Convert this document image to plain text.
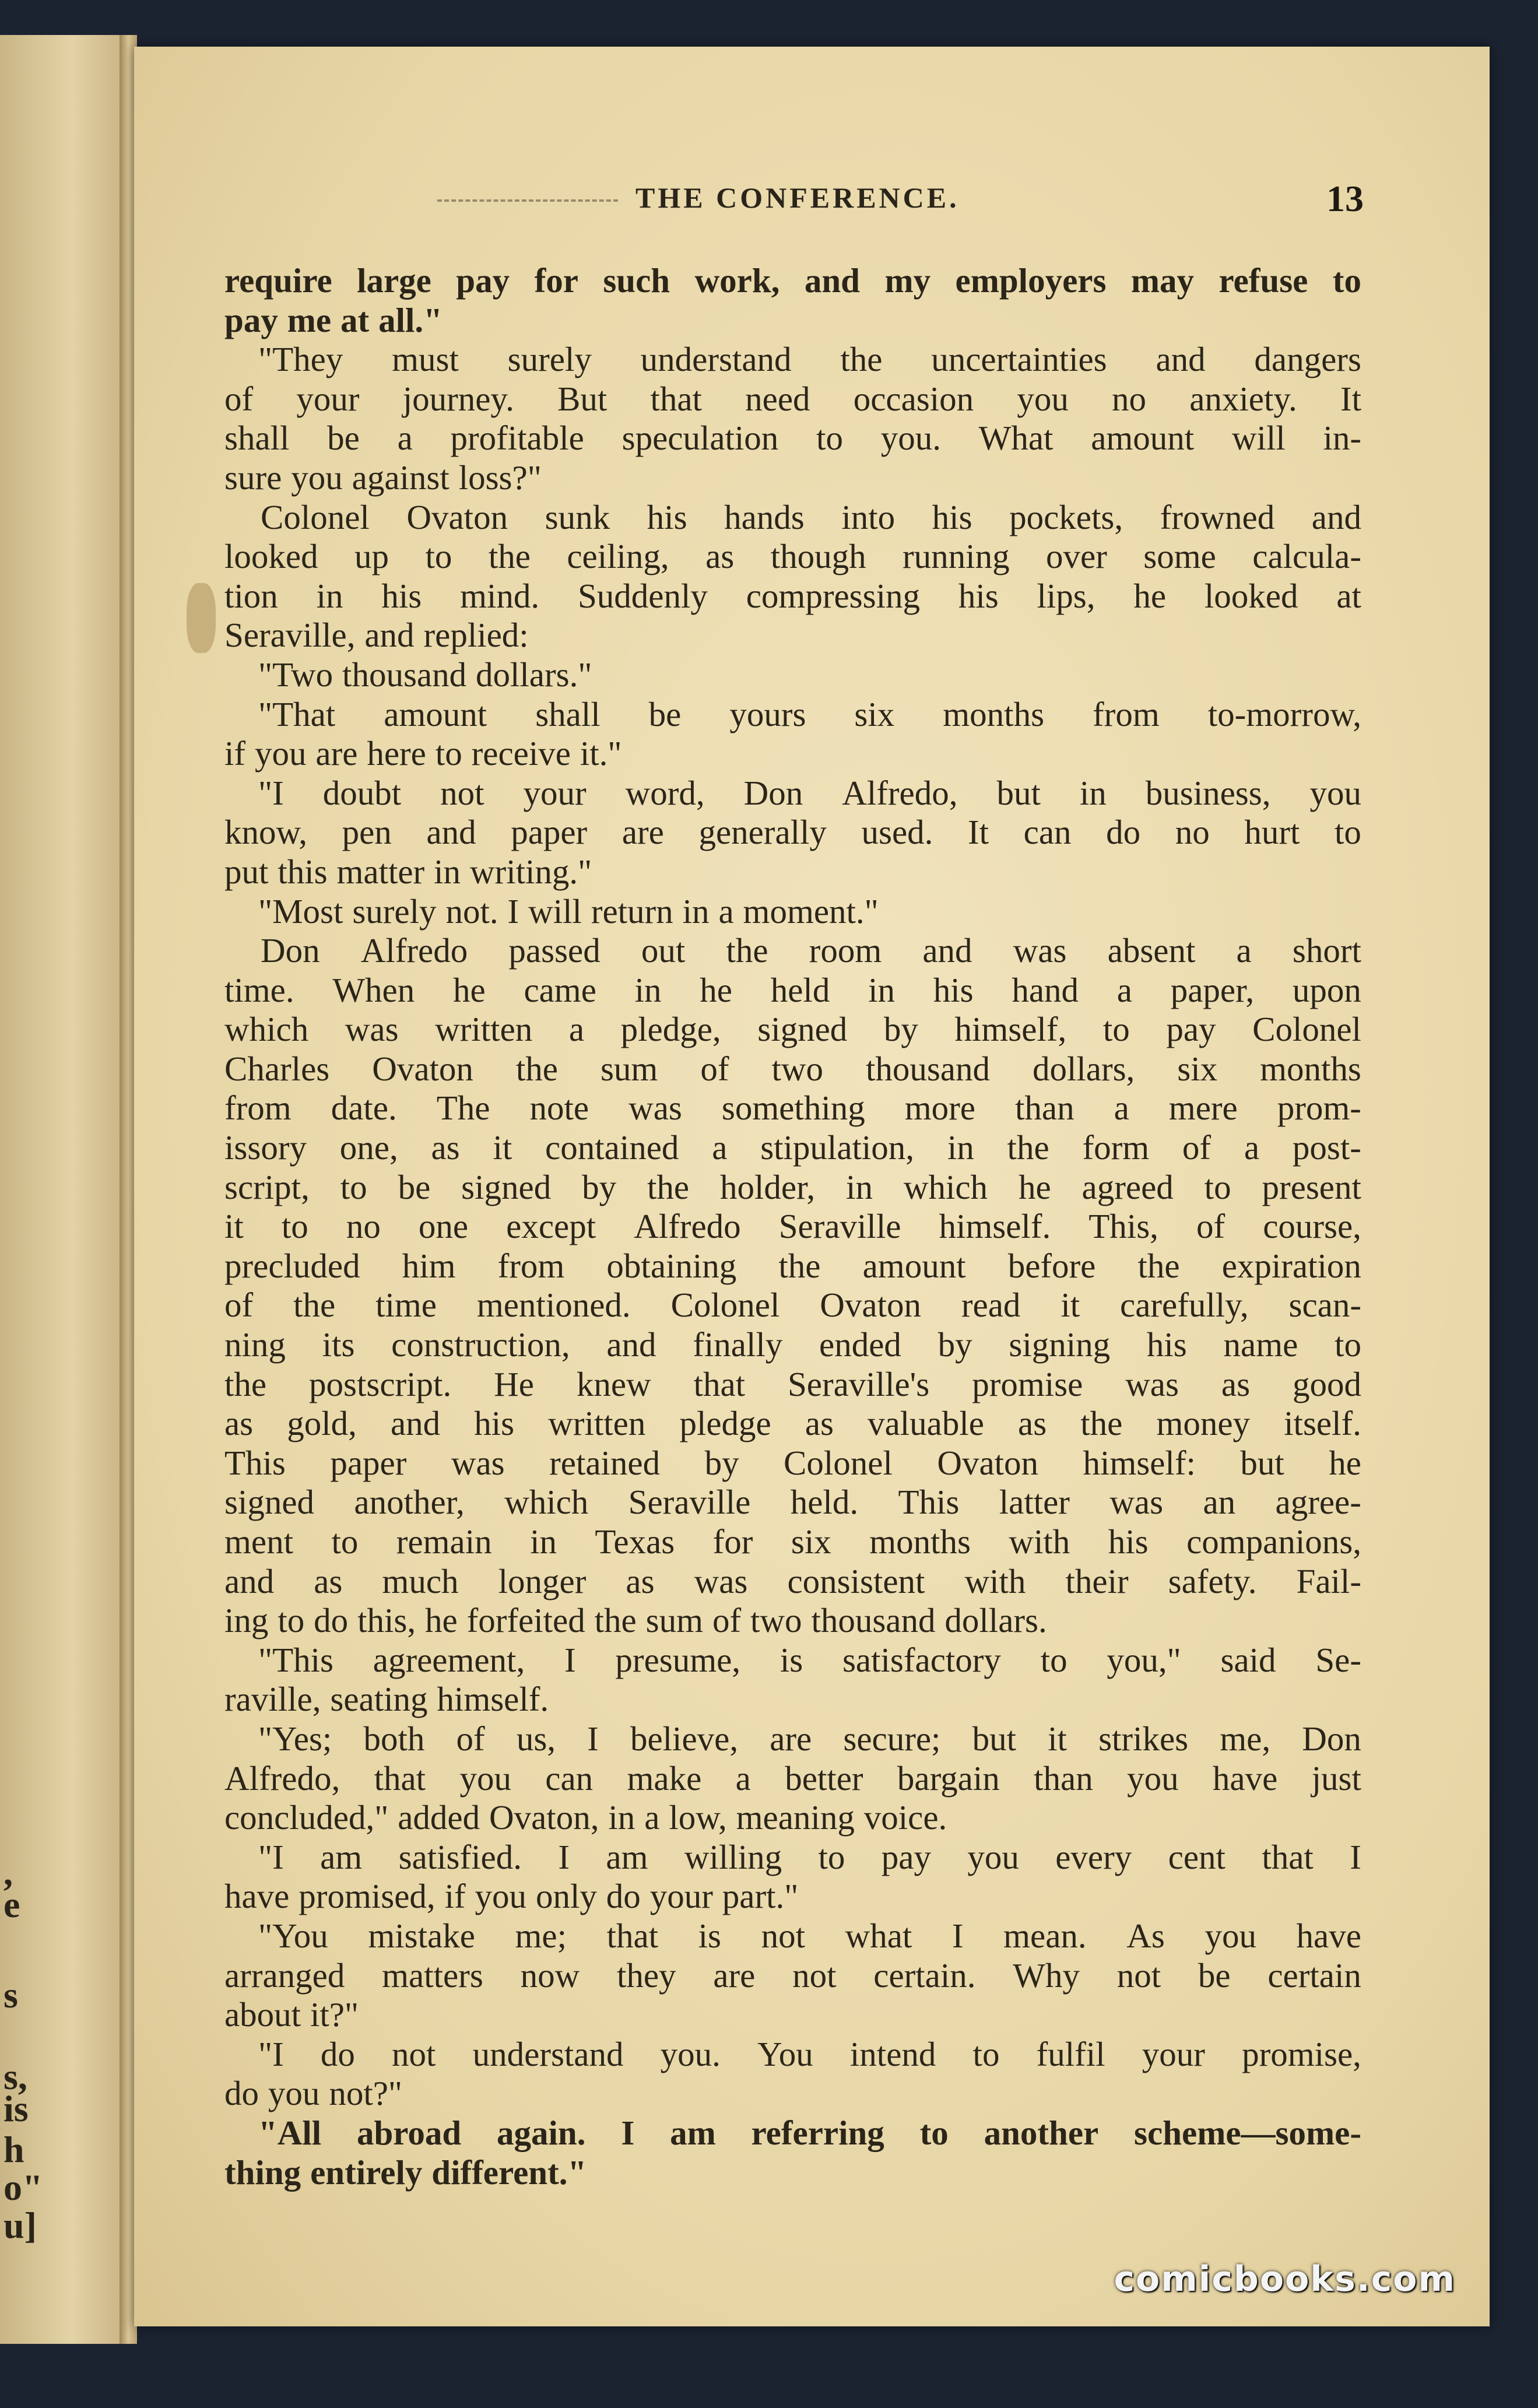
,
e
s
s,
is
h
o"
u]
THE CONFERENCE.	13
require large pay for such work, and my employers may refuse to
pay me at all."
"They must surely understand the uncertainties and dangers
of your journey. But that need occasion you no anxiety. It
shall be a profitable speculation to you. What amount will in-
sure you against loss?"
Colonel Ovaton sunk his hands into his pockets, frowned and
looked up to the ceiling, as though running over some calcula-
tion in his mind. Suddenly compressing his lips, he looked at
Seraville, and replied:
"Two thousand dollars."
"That amount shall be yours six months from to-morrow,
if you are here to receive it."
"I doubt not your word, Don Alfredo, but in business, you
know, pen and paper are generally used. It can do no hurt to
put this matter in writing."
"Most surely not. I will return in a moment."
Don Alfredo passed out the room and was absent a short
time. When he came in he held in his hand a paper, upon
which was written a pledge, signed by himself, to pay Colonel
Charles Ovaton the sum of two thousand dollars, six months
from date. The note was something more than a mere prom-
issory one, as it contained a stipulation, in the form of a post-
script, to be signed by the holder, in which he agreed to present
it to no one except Alfredo Seraville himself. This, of course,
precluded him from obtaining the amount before the expiration
of the time mentioned. Colonel Ovaton read it carefully, scan-
ning its construction, and finally ended by signing his name to
the postscript. He knew that Seraville's promise was as good
as gold, and his written pledge as valuable as the money itself.
This paper was retained by Colonel Ovaton himself: but he
signed another, which Seraville held. This latter was an agree-
ment to remain in Texas for six months with his companions,
and as much longer as was consistent with their safety. Fail-
ing to do this, he forfeited the sum of two thousand dollars.
"This agreement, I presume, is satisfactory to you," said Se-
raville, seating himself.
"Yes; both of us, I believe, are secure; but it strikes me, Don
Alfredo, that you can make a better bargain than you have just
concluded," added Ovaton, in a low, meaning voice.
"I am satisfied. I am willing to pay you every cent that I
have promised, if you only do your part."
"You mistake me; that is not what I mean. As you have
arranged matters now they are not certain. Why not be certain
about it?"
"I do not understand you. You intend to fulfil your promise,
do you not?"
"All abroad again. I am referring to another scheme—some-
thing entirely different."
comicbooks.com
